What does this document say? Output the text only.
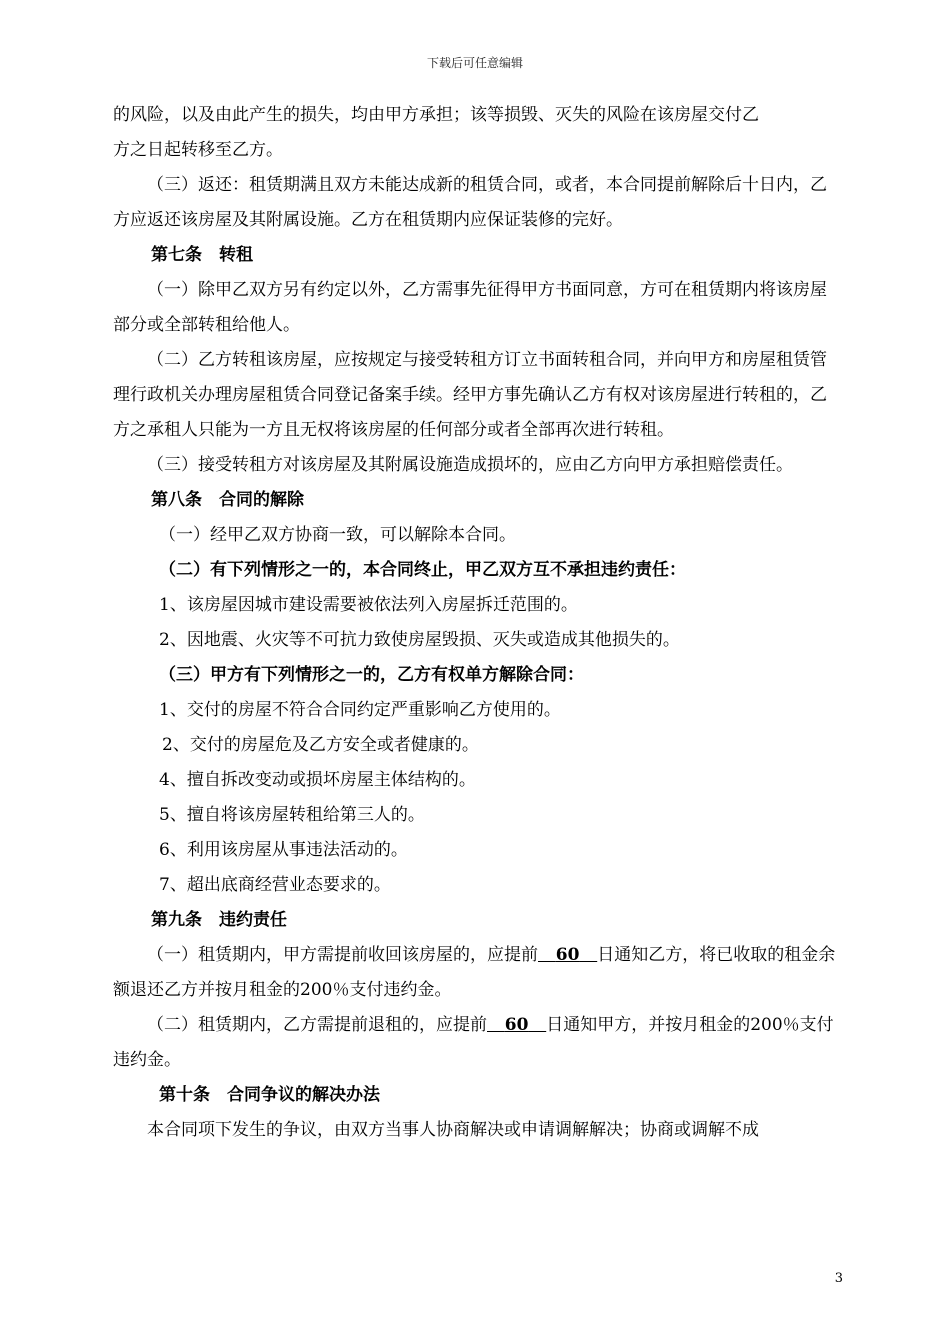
下载后可任意编辑

的风险，以及由此产生的损失，均由甲方承担；该等损毁、灭失的风险在该房屋交付乙

方之日起转移至乙方。

（三）返还：租赁期满且双方未能达成新的租赁合同，或者，本合同提前解除后十日内，乙方应返还该房屋及其附属设施。乙方在租赁期内应保证装修的完好。

第七条　转租

（一）除甲乙双方另有约定以外，乙方需事先征得甲方书面同意，方可在租赁期内将该房屋部分或全部转租给他人。

（二）乙方转租该房屋，应按规定与接受转租方订立书面转租合同，并向甲方和房屋租赁管理行政机关办理房屋租赁合同登记备案手续。经甲方事先确认乙方有权对该房屋进行转租的，乙方之承租人只能为一方且无权将该房屋的任何部分或者全部再次进行转租。

（三）接受转租方对该房屋及其附属设施造成损坏的，应由乙方向甲方承担赔偿责任。

第八条　合同的解除

（一）经甲乙双方协商一致，可以解除本合同。

（二）有下列情形之一的，本合同终止，甲乙双方互不承担违约责任：

1、该房屋因城市建设需要被依法列入房屋拆迁范围的。

2、因地震、火灾等不可抗力致使房屋毁损、灭失或造成其他损失的。

（三）甲方有下列情形之一的，乙方有权单方解除合同：

1、交付的房屋不符合合同约定严重影响乙方使用的。

2、交付的房屋危及乙方安全或者健康的。

4、擅自拆改变动或损坏房屋主体结构的。

5、擅自将该房屋转租给第三人的。

6、利用该房屋从事违法活动的。

7、超出底商经营业态要求的。

第九条　违约责任

（一）租赁期内，甲方需提前收回该房屋的，应提前 60 日通知乙方，将已收取的租金余额退还乙方并按月租金的200％支付违约金。

（二）租赁期内，乙方需提前退租的，应提前 60 日通知甲方，并按月租金的200％支付违约金。

第十条　合同争议的解决办法

本合同项下发生的争议，由双方当事人协商解决或申请调解解决；协商或调解不成

3
